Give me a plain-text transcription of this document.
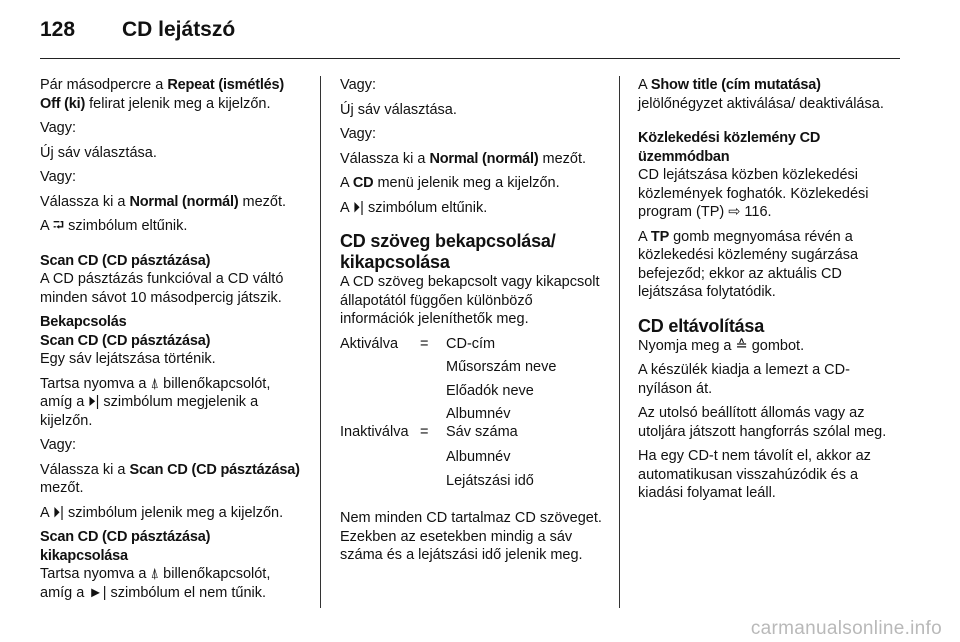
128 CD lejátszó

Pár másodpercre a Repeat (ismétlés) Off (ki) felirat jelenik meg a kijelzőn.

Vagy:

Új sáv választása.

Vagy:

Válassza ki a Normal (normál) mezőt.

A ⮒ szimbólum eltűnik.

Scan CD (CD pásztázása)

A CD pásztázás funkcióval a CD váltó minden sávot 10 másodpercig játszik.

Bekapcsolás
Scan CD (CD pásztázása)

Egy sáv lejátszása történik.

Tartsa nyomva a ⍋ billenőkapcsolót, amíg a ⏵| szimbólum megjelenik a kijelzőn.

Vagy:

Válassza ki a Scan CD (CD pásztázása) mezőt.

A ⏵| szimbólum jelenik meg a kijelzőn.

Scan CD (CD pásztázása)
kikapcsolása

Tartsa nyomva a ⍋ billenőkapcsolót, amíg a ►| szimbólum el nem tűnik.

Vagy:

Új sáv választása.

Vagy:

Válassza ki a Normal (normál) mezőt.

A CD menü jelenik meg a kijelzőn.

A ⏵| szimbólum eltűnik.

CD szöveg bekapcsolása/ kikapcsolása

A CD szöveg bekapcsolt vagy kikapcsolt állapotától függően különböző információk jeleníthetők meg.

Aktiválva	=	CD-cím
Műsorszám neve
Előadók neve
Albumnév
Inaktiválva =	Sáv száma
Albumnév
Lejátszási idő

Nem minden CD tartalmaz CD szöveget. Ezekben az esetekben mindig a sáv száma és a lejátszási idő jelenik meg.

A Show title (cím mutatása) jelölőnégyzet aktiválása/ deaktiválása.

Közlekedési közlemény CD
üzemmódban

CD lejátszása közben közlekedési közlemények foghatók. Közlekedési program (TP) ⇨ 116.

A TP gomb megnyomása révén a közlekedési közlemény sugárzása befejeződ; ekkor az aktuális CD lejátszása folytatódik.

CD eltávolítása

Nyomja meg a ≙ gombot.

A készülék kiadja a lemezt a CD-nyíláson át.

Az utolsó beállított állomás vagy az utoljára játszott hangforrás szólal meg.

Ha egy CD-t nem távolít el, akkor az automatikusan visszahúzódik és a kiadási folyamat leáll.

carmanualsonline.info
